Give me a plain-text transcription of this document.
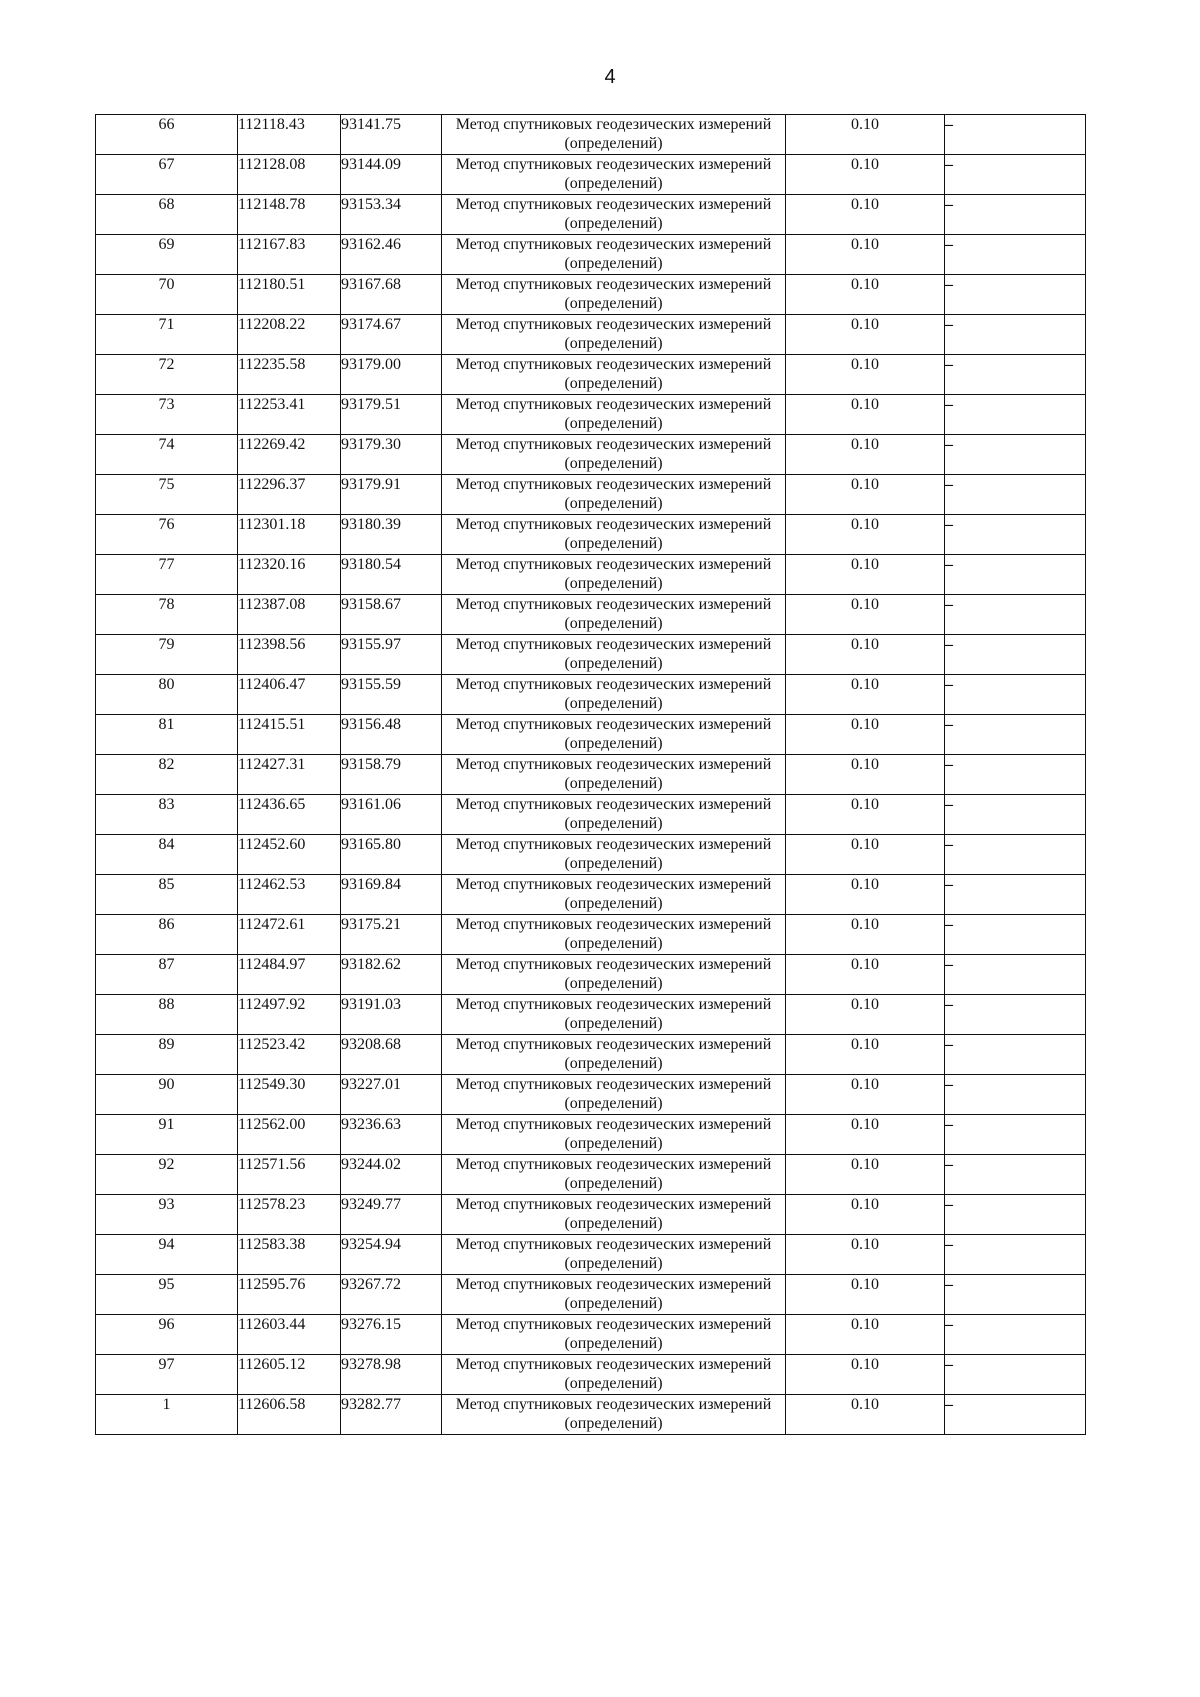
4
66	112118.43	93141.75	Метод спутниковых геодезических измерений (определений)	0.10	–
67	112128.08	93144.09	Метод спутниковых геодезических измерений (определений)	0.10	–
68	112148.78	93153.34	Метод спутниковых геодезических измерений (определений)	0.10	–
69	112167.83	93162.46	Метод спутниковых геодезических измерений (определений)	0.10	–
70	112180.51	93167.68	Метод спутниковых геодезических измерений (определений)	0.10	–
71	112208.22	93174.67	Метод спутниковых геодезических измерений (определений)	0.10	–
72	112235.58	93179.00	Метод спутниковых геодезических измерений (определений)	0.10	–
73	112253.41	93179.51	Метод спутниковых геодезических измерений (определений)	0.10	–
74	112269.42	93179.30	Метод спутниковых геодезических измерений (определений)	0.10	–
75	112296.37	93179.91	Метод спутниковых геодезических измерений (определений)	0.10	–
76	112301.18	93180.39	Метод спутниковых геодезических измерений (определений)	0.10	–
77	112320.16	93180.54	Метод спутниковых геодезических измерений (определений)	0.10	–
78	112387.08	93158.67	Метод спутниковых геодезических измерений (определений)	0.10	–
79	112398.56	93155.97	Метод спутниковых геодезических измерений (определений)	0.10	–
80	112406.47	93155.59	Метод спутниковых геодезических измерений (определений)	0.10	–
81	112415.51	93156.48	Метод спутниковых геодезических измерений (определений)	0.10	–
82	112427.31	93158.79	Метод спутниковых геодезических измерений (определений)	0.10	–
83	112436.65	93161.06	Метод спутниковых геодезических измерений (определений)	0.10	–
84	112452.60	93165.80	Метод спутниковых геодезических измерений (определений)	0.10	–
85	112462.53	93169.84	Метод спутниковых геодезических измерений (определений)	0.10	–
86	112472.61	93175.21	Метод спутниковых геодезических измерений (определений)	0.10	–
87	112484.97	93182.62	Метод спутниковых геодезических измерений (определений)	0.10	–
88	112497.92	93191.03	Метод спутниковых геодезических измерений (определений)	0.10	–
89	112523.42	93208.68	Метод спутниковых геодезических измерений (определений)	0.10	–
90	112549.30	93227.01	Метод спутниковых геодезических измерений (определений)	0.10	–
91	112562.00	93236.63	Метод спутниковых геодезических измерений (определений)	0.10	–
92	112571.56	93244.02	Метод спутниковых геодезических измерений (определений)	0.10	–
93	112578.23	93249.77	Метод спутниковых геодезических измерений (определений)	0.10	–
94	112583.38	93254.94	Метод спутниковых геодезических измерений (определений)	0.10	–
95	112595.76	93267.72	Метод спутниковых геодезических измерений (определений)	0.10	–
96	112603.44	93276.15	Метод спутниковых геодезических измерений (определений)	0.10	–
97	112605.12	93278.98	Метод спутниковых геодезических измерений (определений)	0.10	–
1	112606.58	93282.77	Метод спутниковых геодезических измерений (определений)	0.10	–
